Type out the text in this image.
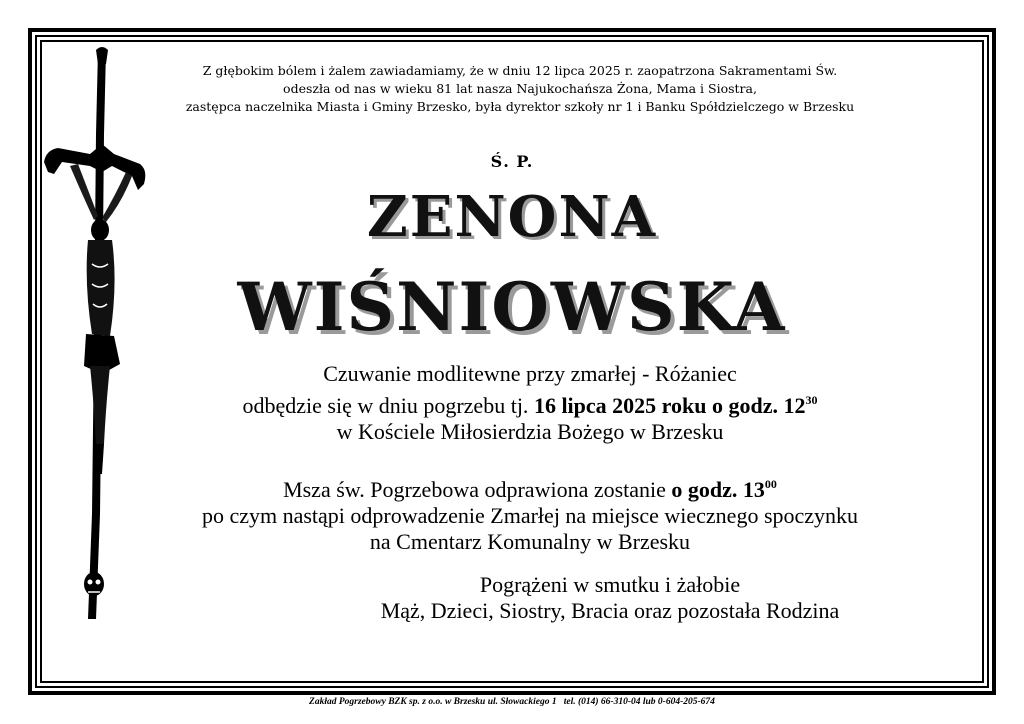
Z głębokim bólem i żalem zawiadamiamy, że w dniu 12 lipca 2025 r. zaopatrzona Sakramentami Św.
odeszła od nas w wieku 81 lat nasza Najukochańsza Żona, Mama i Siostra,
zastępca naczelnika Miasta i Gminy Brzesko, była dyrektor szkoły nr 1 i Banku Spółdzielczego w Brzesku
Ś. P.
ZENONA
WIŚNIOWSKA
Czuwanie modlitewne przy zmarłej - Różaniec
odbędzie się w dniu pogrzebu tj. 16 lipca 2025 roku o godz. $12^{30}$
w Kościele Miłosierdzia Bożego w Brzesku
Msza św. Pogrzebowa odprawiona zostanie o godz. $13^{00}$
po czym nastąpi odprowadzenie Zmarłej na miejsce wiecznego spoczynku
na Cmentarz Komunalny w Brzesku
Pogrążeni w smutku i żałobie
Mąż, Dzieci, Siostry, Bracia oraz pozostała Rodzina
Zakład Pogrzebowy BZK sp. z o.o. w Brzesku ul. Słowackiego 1 tel. (014) 66-310-04 lub 0-604-205-674
